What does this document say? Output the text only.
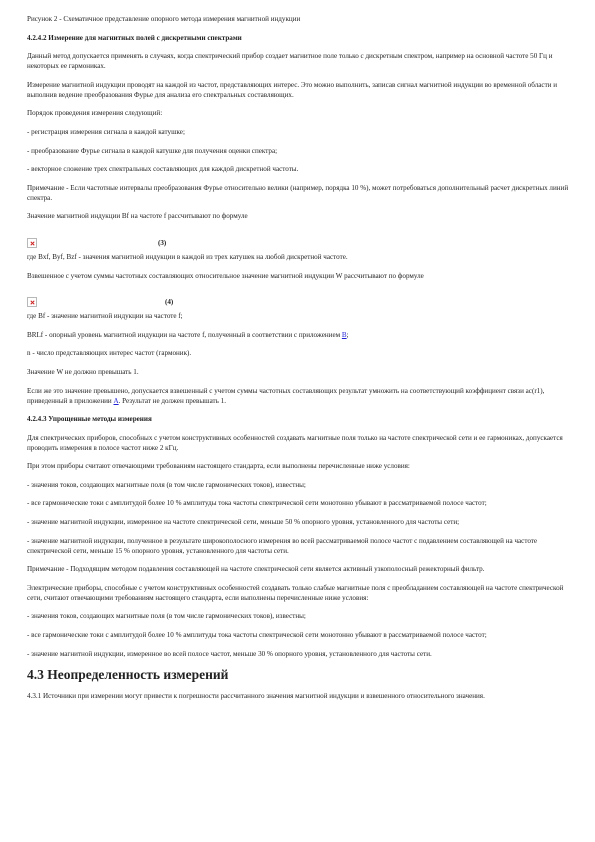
Рисунок 2 - Схематичное представление опорного метода измерения магнитной индукции

4.2.4.2 Измерение для магнитных полей с дискретными спектрами

Данный метод допускается применять в случаях, когда спектрический прибор создает магнитное поле только с дискретным спектром, например на основной частоте 50 Гц и некоторых ее гармониках.

Измерение магнитной индукции проводят на каждой из частот, представляющих интерес. Это можно выполнить, записав сигнал магнитной индукции во временной области и выполнив ведение преобразования Фурье для анализа его спектральных составляющих.

Порядок проведения измерения следующий:

- регистрация измерения сигнала в каждой катушке;

- преобразование Фурье сигнала в каждой катушке для получения оценки спектра;

- векторное сложение трех спектральных составляющих для каждой дискретной частоты.

Примечание - Если частотные интервалы преобразования Фурье относительно велики (например, порядка 10 %), может потребоваться дополнительный расчет дискретных линий спектра.

Значение магнитной индукции Bf на частоте f рассчитывают по формуле

(3)

где Bxf, Byf, Bzf - значения магнитной индукции в каждой из трех катушек на любой дискретной частоте.

Взвешенное с учетом суммы частотных составляющих относительное значение магнитной индукции W рассчитывают по формуле

(4)

где Bf - значение магнитной индукции на частоте f;

BRLf - опорный уровень магнитной индукции на частоте f, полученный в соответствии с приложением В;

n - число представляющих интерес частот (гармоник).

Значение W не должно превышать 1.

Если же это значение превышено, допускается взвешенный с учетом суммы частотных составляющих результат умножить на соответствующий коэффициент связи ac(r1), приведенный в приложении А. Результат не должен превышать 1.

4.2.4.3 Упрощенные методы измерения

Для спектрических приборов, способных с учетом конструктивных особенностей создавать магнитные поля только на частоте спектрической сети и ее гармониках, допускается проводить измерения в полосе частот ниже 2 кГц.

При этом приборы считают отвечающими требованиям настоящего стандарта, если выполнены перечисленные ниже условия:

- значения токов, создающих магнитные поля (в том числе гармонических токов), известны;

- все гармонические токи с амплитудой более 10 % амплитуды тока частоты спектрической сети монотонно убывают в рассматриваемой полосе частот;

- значение магнитной индукции, измеренное на частоте спектрической сети, меньше 50 % опорного уровня, установленного для частоты сети;

- значение магнитной индукции, полученное в результате широкополосного измерения во всей рассматриваемой полосе частот с подавлением составляющей на частоте спектрической сети, меньше 15 % опорного уровня, установленного для частоты сети.

Примечание - Подходящим методом подавления составляющей на частоте спектрической сети является активный узкополосный режекторный фильтр.

Электрические приборы, способные с учетом конструктивных особенностей создавать только слабые магнитные поля с преобладанием составляющей на частоте спектрической сети, считают отвечающими требованиям настоящего стандарта, если выполнены перечисленные ниже условия:

- значения токов, создающих магнитные поля (в том числе гармонических токов), известны;

- все гармонические токи с амплитудой более 10 % амплитуды тока частоты спектрической сети монотонно убывают в рассматриваемой полосе частот;

- значение магнитной индукции, измеренное во всей полосе частот, меньше 30 % опорного уровня, установленного для частоты сети.

4.3 Неопределенность измерений

4.3.1 Источники при измерении могут привести к погрешности рассчитанного значения магнитной индукции и взвешенного относительного значения.
